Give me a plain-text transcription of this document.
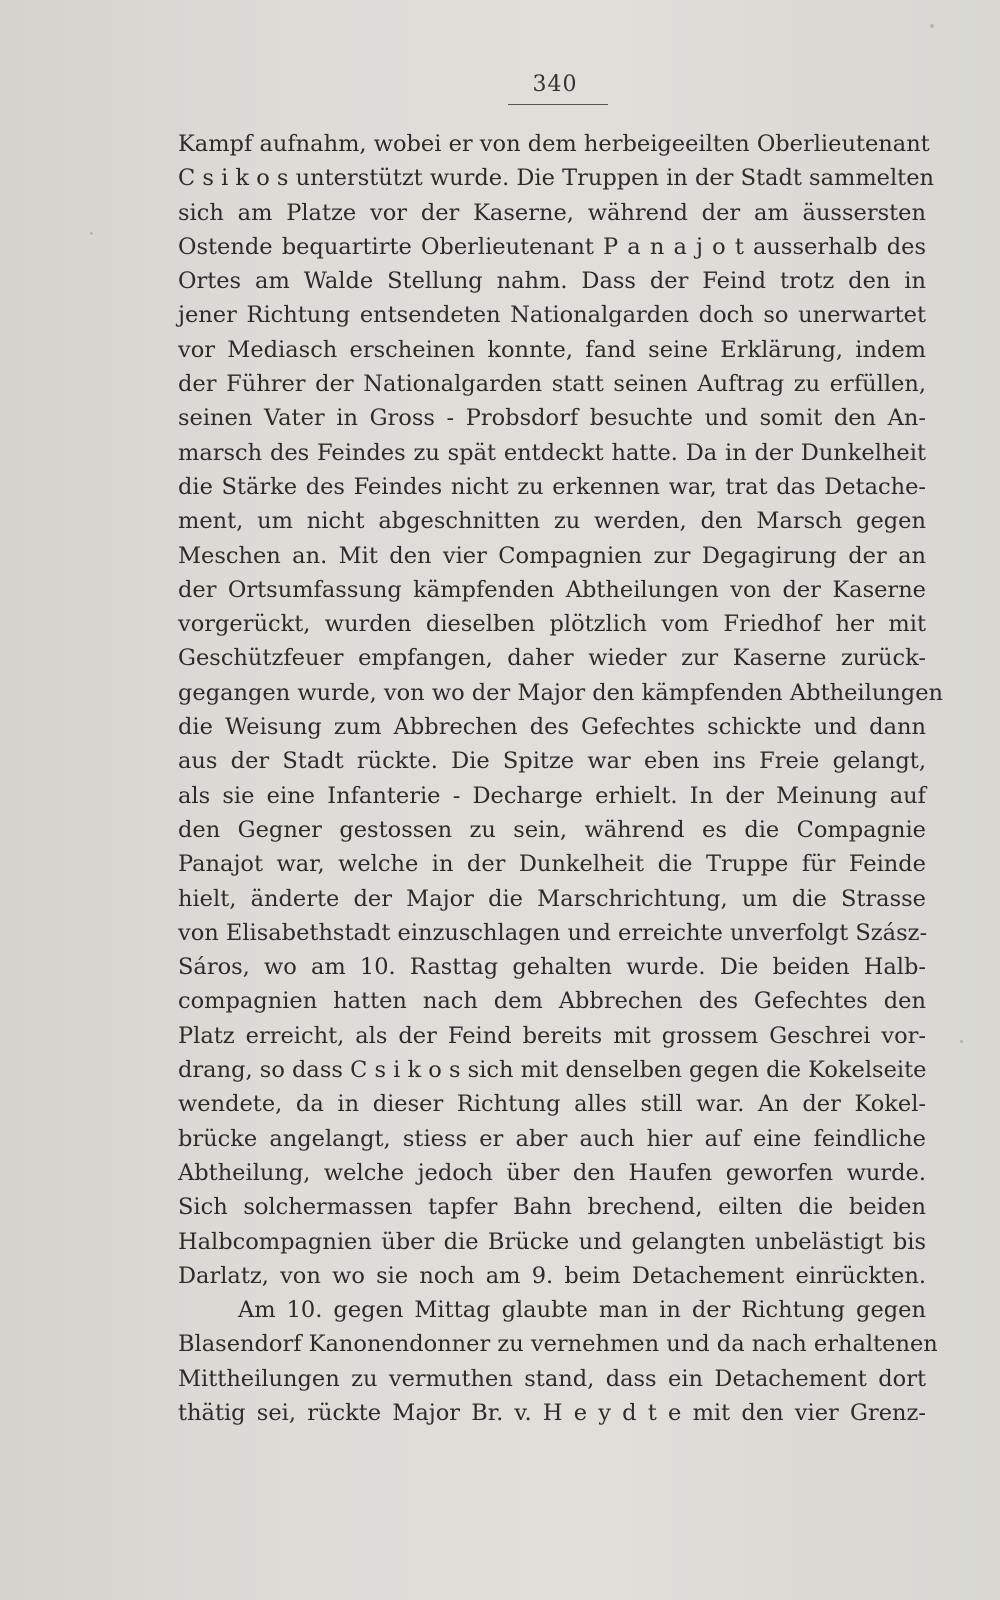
340
Kampf aufnahm, wobei er von dem herbeigeeilten Oberlieutenant
C s i k o s unterstützt wurde. Die Truppen in der Stadt sammelten
sich am Platze vor der Kaserne, während der am äussersten
Ostende bequartirte Oberlieutenant P a n a j o t ausserhalb des
Ortes am Walde Stellung nahm. Dass der Feind trotz den in
jener Richtung entsendeten Nationalgarden doch so unerwartet
vor Mediasch erscheinen konnte, fand seine Erklärung, indem
der Führer der Nationalgarden statt seinen Auftrag zu erfüllen,
seinen Vater in Gross - Probsdorf besuchte und somit den An-
marsch des Feindes zu spät entdeckt hatte. Da in der Dunkelheit
die Stärke des Feindes nicht zu erkennen war, trat das Detache-
ment, um nicht abgeschnitten zu werden, den Marsch gegen
Meschen an. Mit den vier Compagnien zur Degagirung der an
der Ortsumfassung kämpfenden Abtheilungen von der Kaserne
vorgerückt, wurden dieselben plötzlich vom Friedhof her mit
Geschützfeuer empfangen, daher wieder zur Kaserne zurück-
gegangen wurde, von wo der Major den kämpfenden Abtheilungen
die Weisung zum Abbrechen des Gefechtes schickte und dann
aus der Stadt rückte. Die Spitze war eben ins Freie gelangt,
als sie eine Infanterie - Decharge erhielt. In der Meinung auf
den Gegner gestossen zu sein, während es die Compagnie
Panajot war, welche in der Dunkelheit die Truppe für Feinde
hielt, änderte der Major die Marschrichtung, um die Strasse
von Elisabethstadt einzuschlagen und erreichte unverfolgt Szász-
Sáros, wo am 10. Rasttag gehalten wurde. Die beiden Halb-
compagnien hatten nach dem Abbrechen des Gefechtes den
Platz erreicht, als der Feind bereits mit grossem Geschrei vor-
drang, so dass C s i k o s sich mit denselben gegen die Kokelseite
wendete, da in dieser Richtung alles still war. An der Kokel-
brücke angelangt, stiess er aber auch hier auf eine feindliche
Abtheilung, welche jedoch über den Haufen geworfen wurde.
Sich solchermassen tapfer Bahn brechend, eilten die beiden
Halbcompagnien über die Brücke und gelangten unbelästigt bis
Darlatz, von wo sie noch am 9. beim Detachement einrückten.
Am 10. gegen Mittag glaubte man in der Richtung gegen
Blasendorf Kanonendonner zu vernehmen und da nach erhaltenen
Mittheilungen zu vermuthen stand, dass ein Detachement dort
thätig sei, rückte Major Br. v. H e y d t e mit den vier Grenz-
